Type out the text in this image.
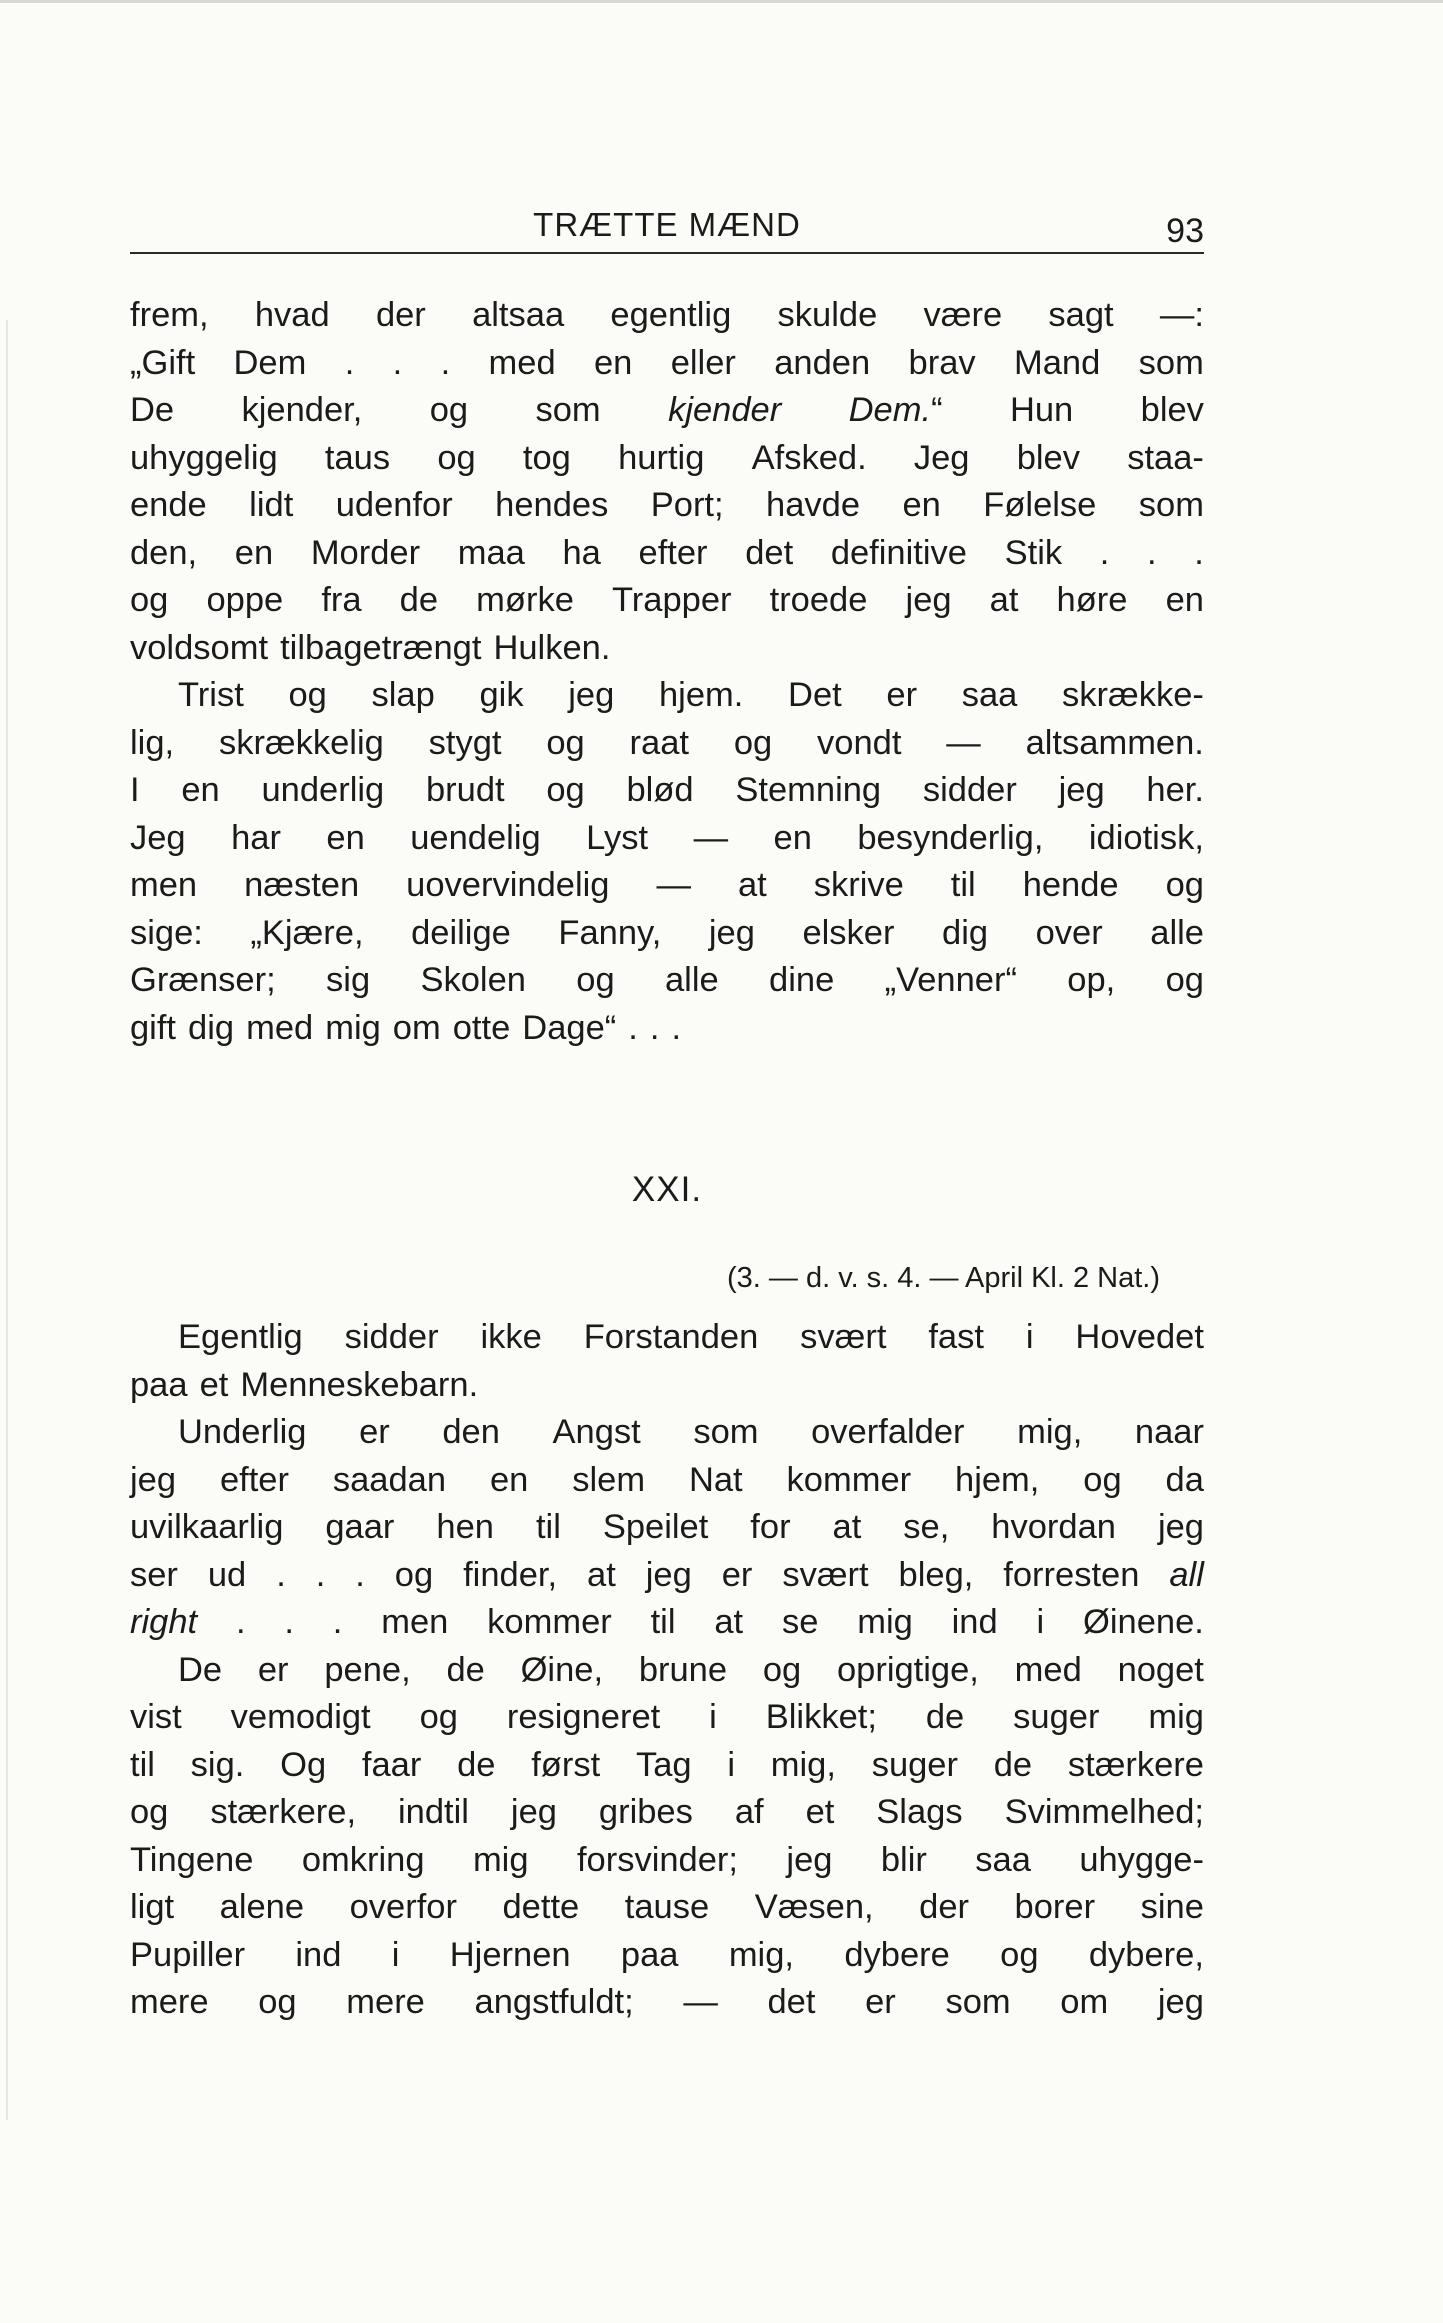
TRÆTTE MÆND	93
frem, hvad der altsaa egentlig skulde være sagt —:
„Gift Dem . . . med en eller anden brav Mand som
De kjender, og som kjender Dem.“ Hun blev
uhyggelig taus og tog hurtig Afsked. Jeg blev staa-
ende lidt udenfor hendes Port; havde en Følelse som
den, en Morder maa ha efter det definitive Stik . . .
og oppe fra de mørke Trapper troede jeg at høre en
voldsomt tilbagetrængt Hulken.
Trist og slap gik jeg hjem. Det er saa skrække-
lig, skrækkelig stygt og raat og vondt — altsammen.
I en underlig brudt og blød Stemning sidder jeg her.
Jeg har en uendelig Lyst — en besynderlig, idiotisk,
men næsten uovervindelig — at skrive til hende og
sige: „Kjære, deilige Fanny, jeg elsker dig over alle
Grænser; sig Skolen og alle dine „Venner“ op, og
gift dig med mig om otte Dage“ . . .
XXI.
(3. — d. v. s. 4. — April Kl. 2 Nat.)
Egentlig sidder ikke Forstanden svært fast i Hovedet
paa et Menneskebarn.
Underlig er den Angst som overfalder mig, naar
jeg efter saadan en slem Nat kommer hjem, og da
uvilkaarlig gaar hen til Speilet for at se, hvordan jeg
ser ud . . . og finder, at jeg er svært bleg, forresten all
right . . . men kommer til at se mig ind i Øinene.
De er pene, de Øine, brune og oprigtige, med noget
vist vemodigt og resigneret i Blikket; de suger mig
til sig. Og faar de først Tag i mig, suger de stærkere
og stærkere, indtil jeg gribes af et Slags Svimmelhed;
Tingene omkring mig forsvinder; jeg blir saa uhygge-
ligt alene overfor dette tause Væsen, der borer sine
Pupiller ind i Hjernen paa mig, dybere og dybere,
mere og mere angstfuldt; — det er som om jeg
